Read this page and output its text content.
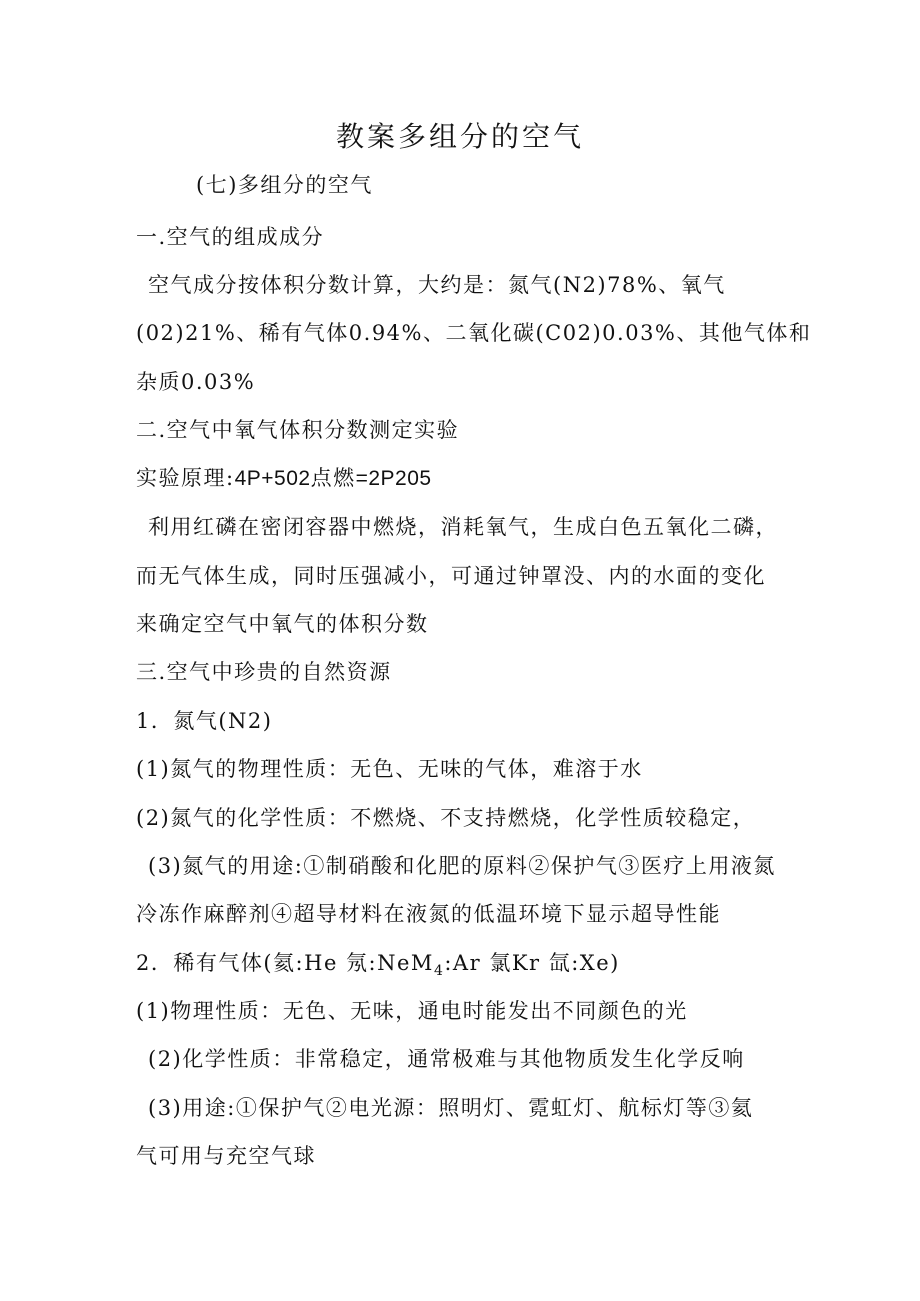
教案多组分的空气
(七)多组分的空气
一.空气的组成成分
空气成分按体积分数计算，大约是：氮气(N2)78%、氧气
(02)21%、稀有气体0.94%、二氧化碳(C02)0.03%、其他气体和
杂质0.03%
二.空气中氧气体积分数测定实验
实验原理:4P+502点燃=2P205
利用红磷在密闭容器中燃烧，消耗氧气，生成白色五氧化二磷，
而无气体生成，同时压强减小，可通过钟罩没、内的水面的变化
来确定空气中氧气的体积分数
三.空气中珍贵的自然资源
1．氮气(N2)
(1)氮气的物理性质：无色、无味的气体，难溶于水
(2)氮气的化学性质：不燃烧、不支持燃烧，化学性质较稳定，
(3)氮气的用途:①制硝酸和化肥的原料②保护气③医疗上用液氮
冷冻作麻醉剂④超导材料在液氮的低温环境下显示超导性能
2．稀有气体(氦:He 氖:NeM$_4$:Ar 氯Kr 氙:Xe)
(1)物理性质：无色、无味，通电时能发出不同颜色的光
(2)化学性质：非常稳定，通常极难与其他物质发生化学反响
(3)用途:①保护气②电光源：照明灯、霓虹灯、航标灯等③氦
气可用与充空气球
